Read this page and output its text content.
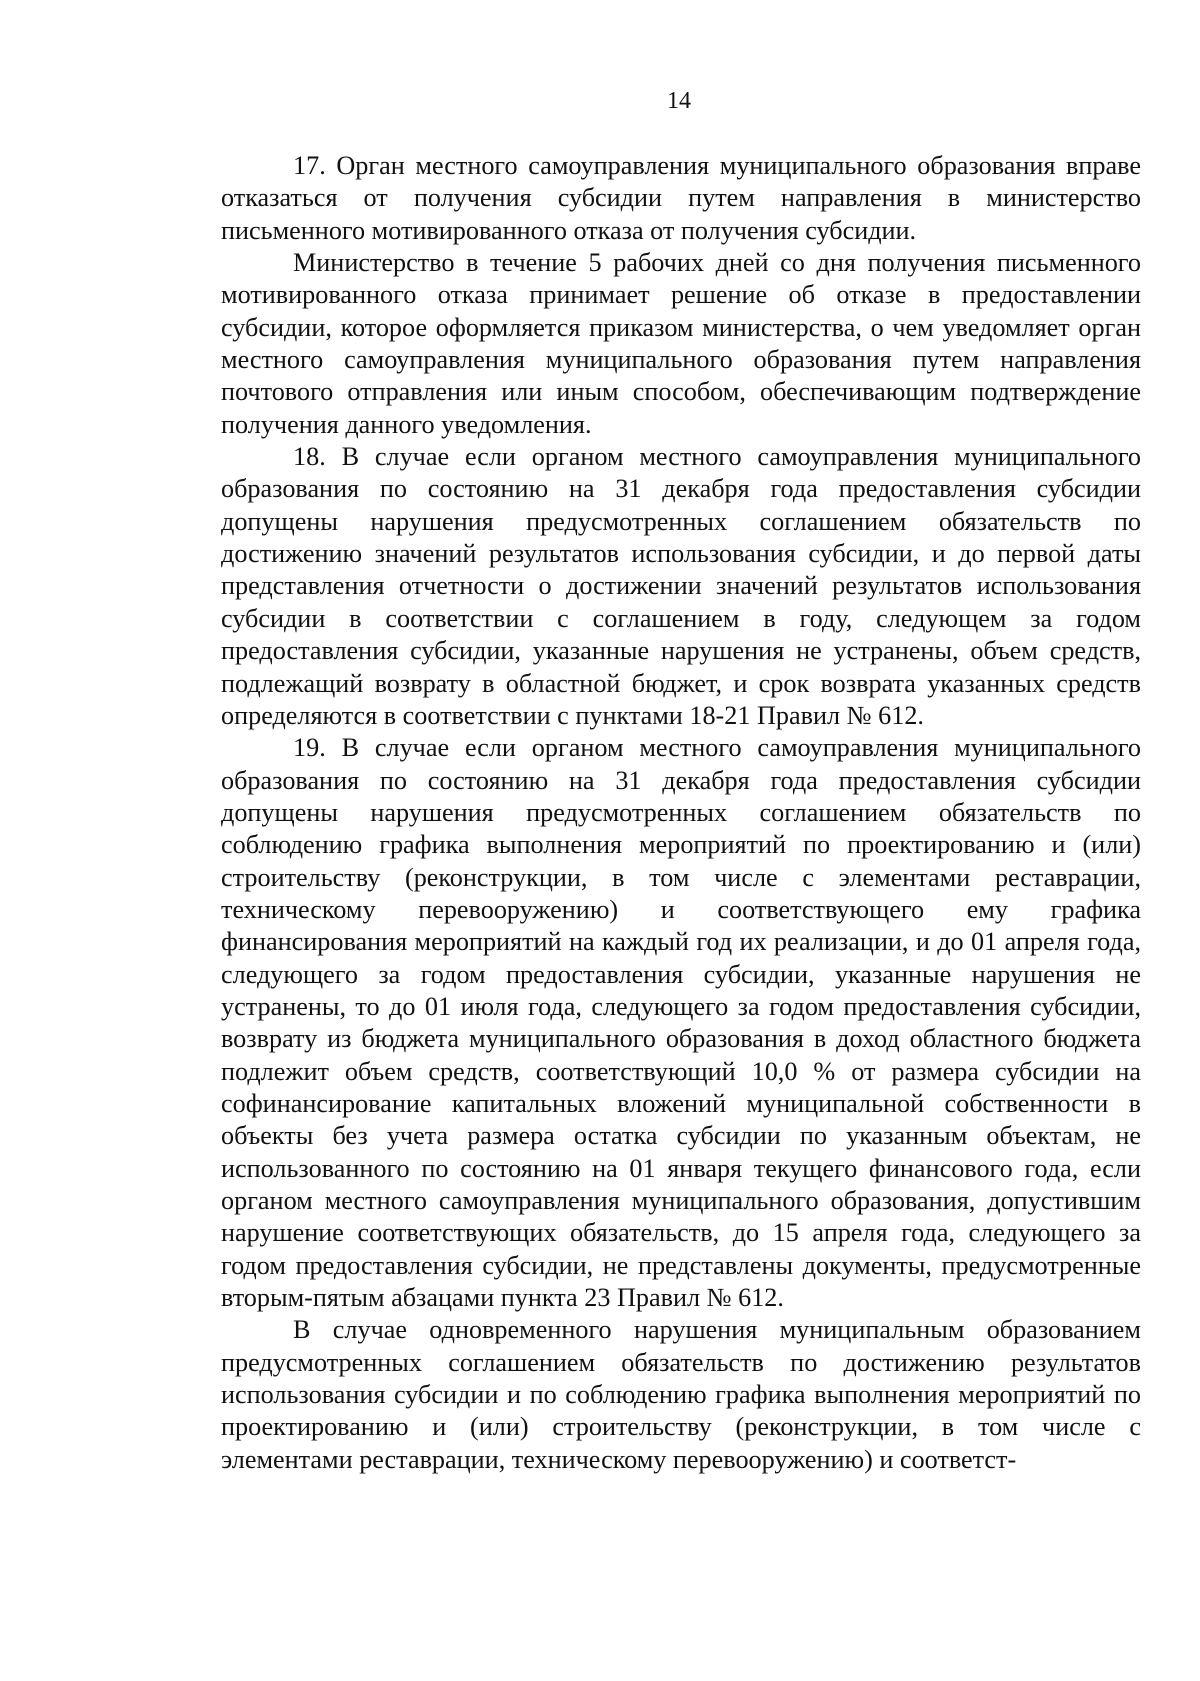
14

17. Орган местного самоуправления муниципального образования вправе отказаться от получения субсидии путем направления в министерство письменного мотивированного отказа от получения субсидии.

Министерство в течение 5 рабочих дней со дня получения письменного мотивированного отказа принимает решение об отказе в предоставлении субсидии, которое оформляется приказом министерства, о чем уведомляет орган местного самоуправления муниципального образования путем направления почтового отправления или иным способом, обеспечивающим подтверждение получения данного уведомления.

18. В случае если органом местного самоуправления муниципального образования по состоянию на 31 декабря года предоставления субсидии допущены нарушения предусмотренных соглашением обязательств по достижению значений результатов использования субсидии, и до первой даты представления отчетности о достижении значений результатов использования субсидии в соответствии с соглашением в году, следующем за годом предоставления субсидии, указанные нарушения не устранены, объем средств, подлежащий возврату в областной бюджет, и срок возврата указанных средств определяются в соответствии с пунктами 18-21 Правил № 612.

19. В случае если органом местного самоуправления муниципального образования по состоянию на 31 декабря года предоставления субсидии допущены нарушения предусмотренных соглашением обязательств по соблюдению графика выполнения мероприятий по проектированию и (или) строительству (реконструкции, в том числе с элементами реставрации, техническому перевооружению) и соответствующего ему графика финансирования мероприятий на каждый год их реализации, и до 01 апреля года, следующего за годом предоставления субсидии, указанные нарушения не устранены, то до 01 июля года, следующего за годом предоставления субсидии, возврату из бюджета муниципального образования в доход областного бюджета подлежит объем средств, соответствующий 10,0 % от размера субсидии на софинансирование капитальных вложений муниципальной собственности в объекты без учета размера остатка субсидии по указанным объектам, не использованного по состоянию на 01 января текущего финансового года, если органом местного самоуправления муниципального образования, допустившим нарушение соответствующих обязательств, до 15 апреля года, следующего за годом предоставления субсидии, не представлены документы, предусмотренные вторым-пятым абзацами пункта 23 Правил № 612.

В случае одновременного нарушения муниципальным образованием предусмотренных соглашением обязательств по достижению результатов использования субсидии и по соблюдению графика выполнения мероприятий по проектированию и (или) строительству (реконструкции, в том числе с элементами реставрации, техническому перевооружению) и соответст-
